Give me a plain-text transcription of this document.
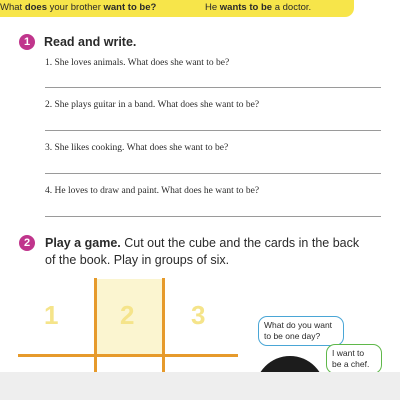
What does your brother want to be?	He wants to be a doctor.
1	Read and write.
1. She loves animals. What does she want to be?
2. She plays guitar in a band. What does she want to be?
3. She likes cooking. What does she want to be?
4. He loves to draw and paint. What does he want to be?
2	Play a game. Cut out the cube and the cards in the back
of the book. Play in groups of six.
1 2 3	What do you want
to be one day?
I want to
be a chef.
